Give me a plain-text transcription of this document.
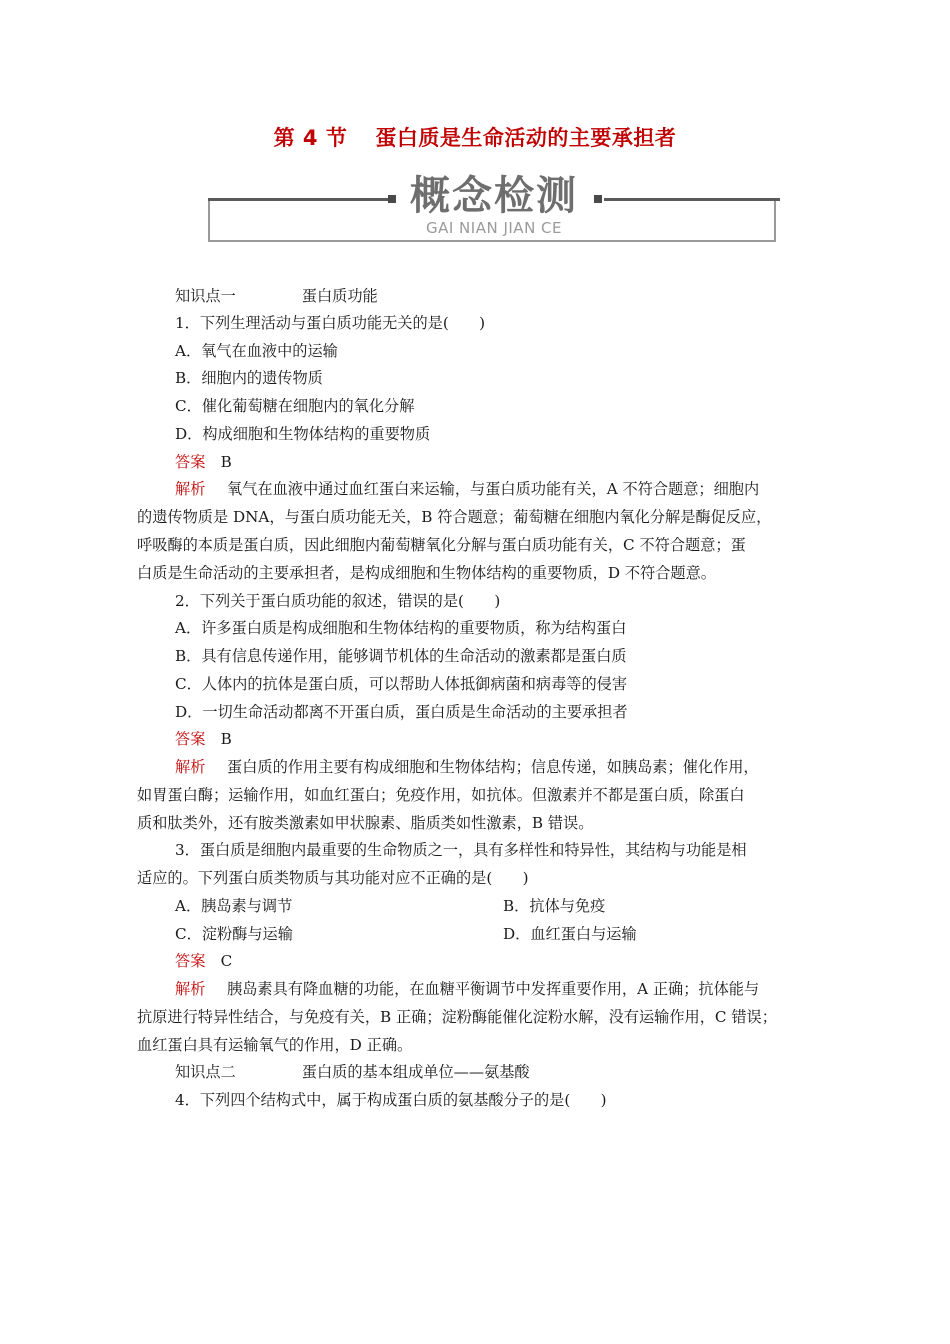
第 4 节 蛋白质是生命活动的主要承担者
概念检测
GAI NIAN JIAN CE
知识点一	蛋白质功能
1．下列生理活动与蛋白质功能无关的是(　　)
A．氧气在血液中的运输
B．细胞内的遗传物质
C．催化葡萄糖在细胞内的氧化分解
D．构成细胞和生物体结构的重要物质
答案　 B
解析 氧气在血液中通过血红蛋白来运输，与蛋白质功能有关，A 不符合题意；细胞内
的遗传物质是 DNA，与蛋白质功能无关，B 符合题意；葡萄糖在细胞内氧化分解是酶促反应，
呼吸酶的本质是蛋白质，因此细胞内葡萄糖氧化分解与蛋白质功能有关，C 不符合题意；蛋
白质是生命活动的主要承担者，是构成细胞和生物体结构的重要物质，D 不符合题意。
2．下列关于蛋白质功能的叙述，错误的是(　　)
A．许多蛋白质是构成细胞和生物体结构的重要物质，称为结构蛋白
B．具有信息传递作用，能够调节机体的生命活动的激素都是蛋白质
C．人体内的抗体是蛋白质，可以帮助人体抵御病菌和病毒等的侵害
D．一切生命活动都离不开蛋白质，蛋白质是生命活动的主要承担者
答案　 B
解析 蛋白质的作用主要有构成细胞和生物体结构；信息传递，如胰岛素；催化作用，
如胃蛋白酶；运输作用，如血红蛋白；免疫作用，如抗体。但激素并不都是蛋白质，除蛋白
质和肽类外，还有胺类激素如甲状腺素、脂质类如性激素，B 错误。
3．蛋白质是细胞内最重要的生命物质之一，具有多样性和特异性，其结构与功能是相
适应的。下列蛋白质类物质与其功能对应不正确的是(　　)
A．胰岛素与调节	B．抗体与免疫
C．淀粉酶与运输	D．血红蛋白与运输
答案　 C
解析 胰岛素具有降血糖的功能，在血糖平衡调节中发挥重要作用，A 正确；抗体能与
抗原进行特异性结合，与免疫有关，B 正确；淀粉酶能催化淀粉水解，没有运输作用，C 错误；
血红蛋白具有运输氧气的作用，D 正确。
知识点二	蛋白质的基本组成单位——氨基酸
4．下列四个结构式中，属于构成蛋白质的氨基酸分子的是(　　)
